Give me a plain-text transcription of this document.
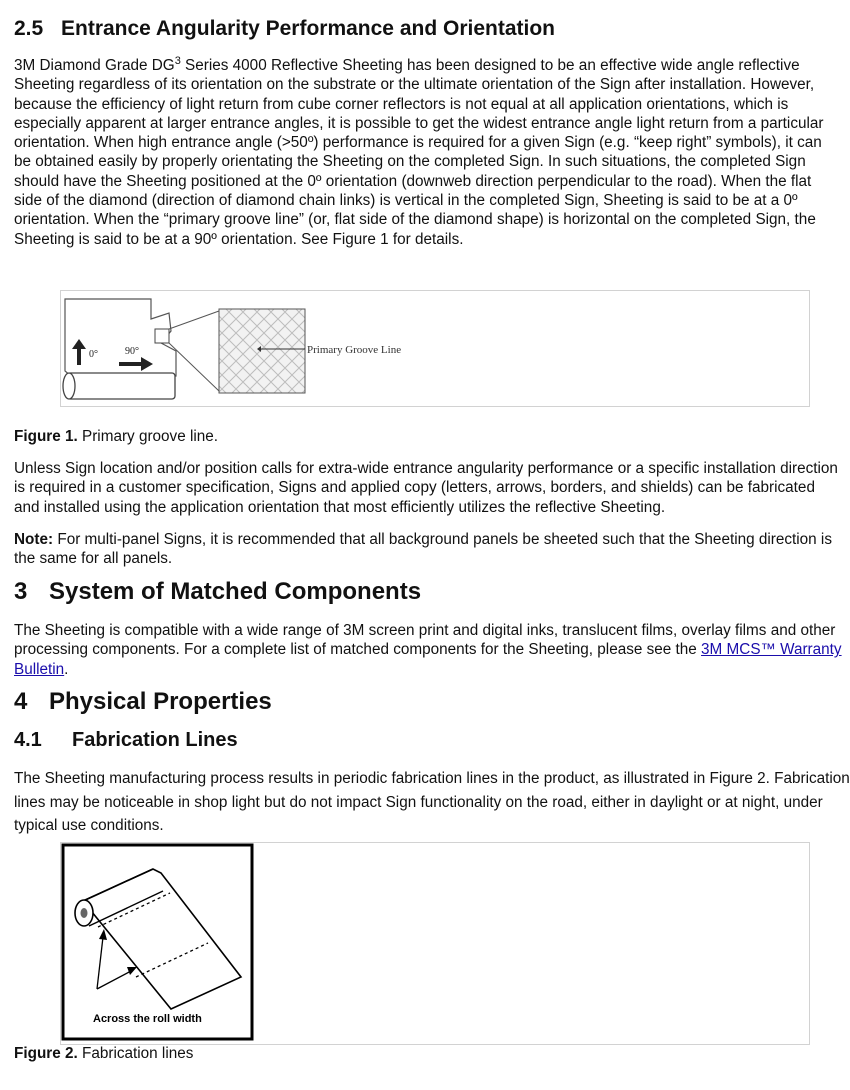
2.5 Entrance Angularity Performance and Orientation

3M Diamond Grade $DG^3$ Series 4000 Reflective Sheeting has been designed to be an effective wide angle reflective Sheeting regardless of its orientation on the substrate or the ultimate orientation of the Sign after installation. However, because the efficiency of light return from cube corner reflectors is not equal at all application orientations, which is especially apparent at larger entrance angles, it is possible to get the widest entrance angle light return from a particular orientation. When high entrance angle (>50º) performance is required for a given Sign (e.g. “keep right” symbols), it can be obtained easily by properly orientating the Sheeting on the completed Sign. In such situations, the completed Sign should have the Sheeting positioned at the 0º orientation (downweb direction perpendicular to the road). When the flat side of the diamond (direction of diamond chain links) is vertical in the completed Sign, Sheeting is said to be at a 0º orientation. When the “primary groove line” (or, flat side of the diamond shape) is horizontal on the completed Sign, the Sheeting is said to be at a 90º orientation. See Figure 1 for details.

0°	90°	Primary Groove Line

Figure 1. Primary groove line.

Unless Sign location and/or position calls for extra-wide entrance angularity performance or a specific installation direction is required in a customer specification, Signs and applied copy (letters, arrows, borders, and shields) can be fabricated and installed using the application orientation that most efficiently utilizes the reflective Sheeting.

Note: For multi-panel Signs, it is recommended that all background panels be sheeted such that the Sheeting direction is the same for all panels.

3 System of Matched Components

The Sheeting is compatible with a wide range of 3M screen print and digital inks, translucent films, overlay films and other processing components. For a complete list of matched components for the Sheeting, please see the 3M MCS™ Warranty Bulletin.

4 Physical Properties
4.1 Fabrication Lines

The Sheeting manufacturing process results in periodic fabrication lines in the product, as illustrated in Figure 2. Fabrication lines may be noticeable in shop light but do not impact Sign functionality on the road, either in daylight or at night, under typical use conditions.

Across the roll width

Figure 2. Fabrication lines
